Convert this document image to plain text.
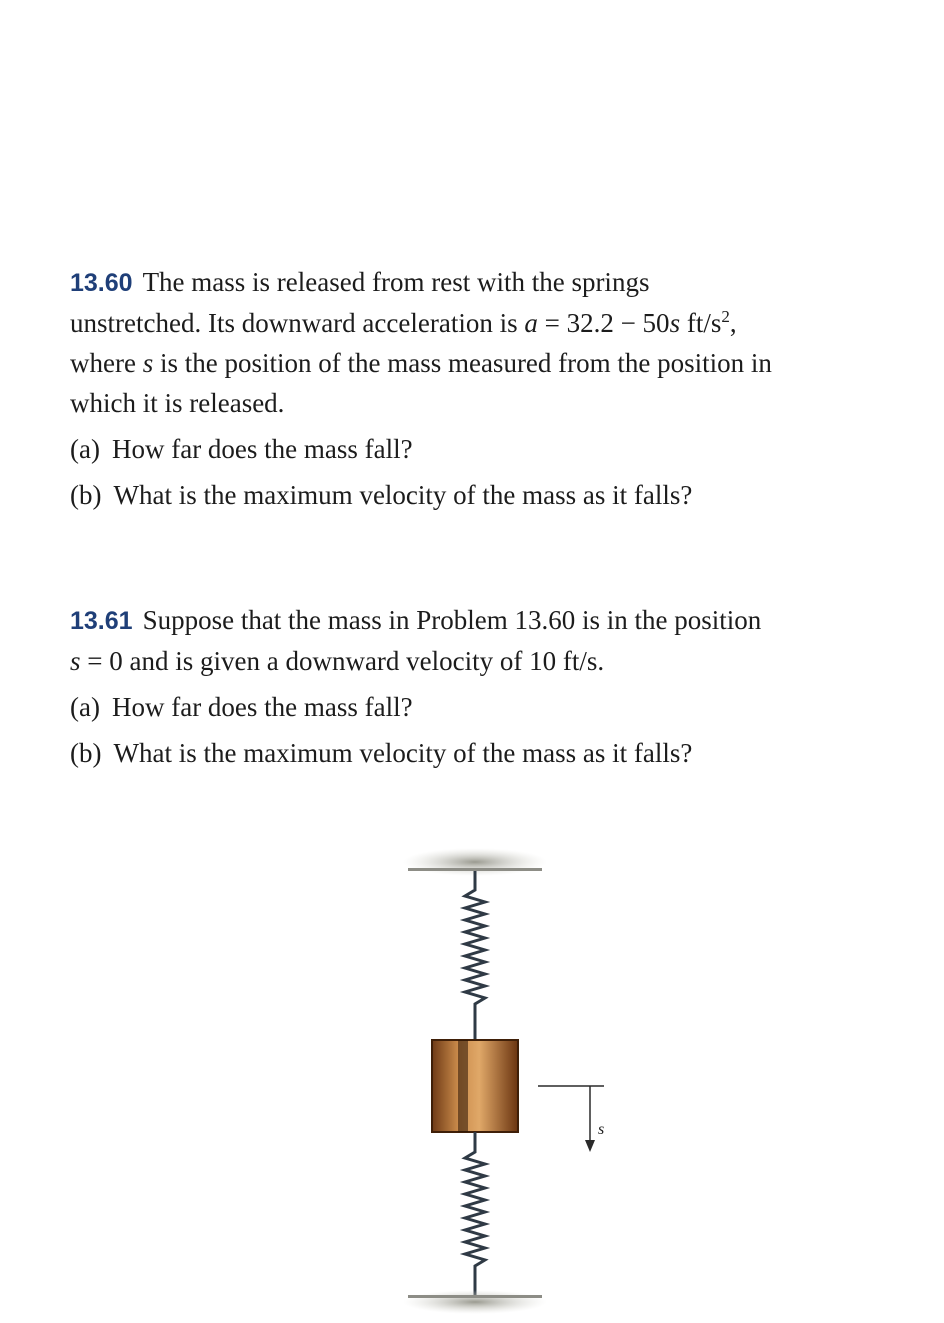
13.60 The mass is released from rest with the springs
unstretched. Its downward acceleration is a = 32.2 − 50s $ft/s^2$,
where s is the position of the mass measured from the position in
which it is released.
(a) How far does the mass fall?
(b) What is the maximum velocity of the mass as it falls?
13.61 Suppose that the mass in Problem 13.60 is in the position
s = 0 and is given a downward velocity of 10 ft/s.
(a) How far does the mass fall?
(b) What is the maximum velocity of the mass as it falls?
s
